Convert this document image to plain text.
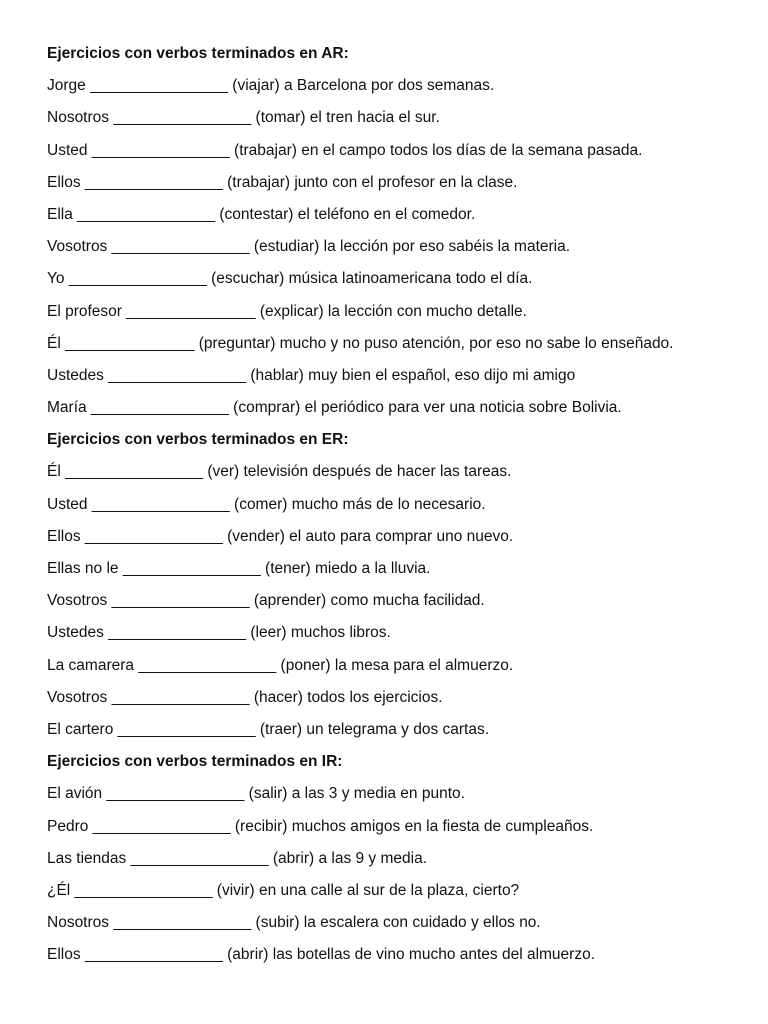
Ejercicios con verbos terminados en AR:
Jorge ________________ (viajar) a Barcelona por dos semanas.
Nosotros ________________ (tomar) el tren hacia el sur.
Usted ________________ (trabajar) en el campo todos los días de la semana pasada.
Ellos ________________ (trabajar) junto con el profesor en la clase.
Ella ________________ (contestar) el teléfono en el comedor.
Vosotros ________________ (estudiar) la lección por eso sabéis la materia.
Yo ________________ (escuchar) música latinoamericana todo el día.
El profesor _______________ (explicar) la lección con mucho detalle.
Él _______________ (preguntar) mucho y no puso atención, por eso no sabe lo enseñado.
Ustedes ________________ (hablar) muy bien el español, eso dijo mi amigo
María ________________ (comprar) el periódico para ver una noticia sobre Bolivia.
Ejercicios con verbos terminados en ER:
Él ________________ (ver) televisión después de hacer las tareas.
Usted ________________ (comer) mucho más de lo necesario.
Ellos ________________ (vender) el auto para comprar uno nuevo.
Ellas no le ________________ (tener) miedo a la lluvia.
Vosotros ________________ (aprender) como mucha facilidad.
Ustedes ________________ (leer) muchos libros.
La camarera ________________ (poner) la mesa para el almuerzo.
Vosotros ________________ (hacer) todos los ejercicios.
El cartero ________________ (traer) un telegrama y dos cartas.
Ejercicios con verbos terminados en IR:
El avión ________________ (salir) a las 3 y media en punto.
Pedro ________________ (recibir) muchos amigos en la fiesta de cumpleaños.
Las tiendas ________________ (abrir) a las 9 y media.
¿Él ________________ (vivir) en una calle al sur de la plaza, cierto?
Nosotros ________________ (subir) la escalera con cuidado y ellos no.
Ellos ________________ (abrir) las botellas de vino mucho antes del almuerzo.
